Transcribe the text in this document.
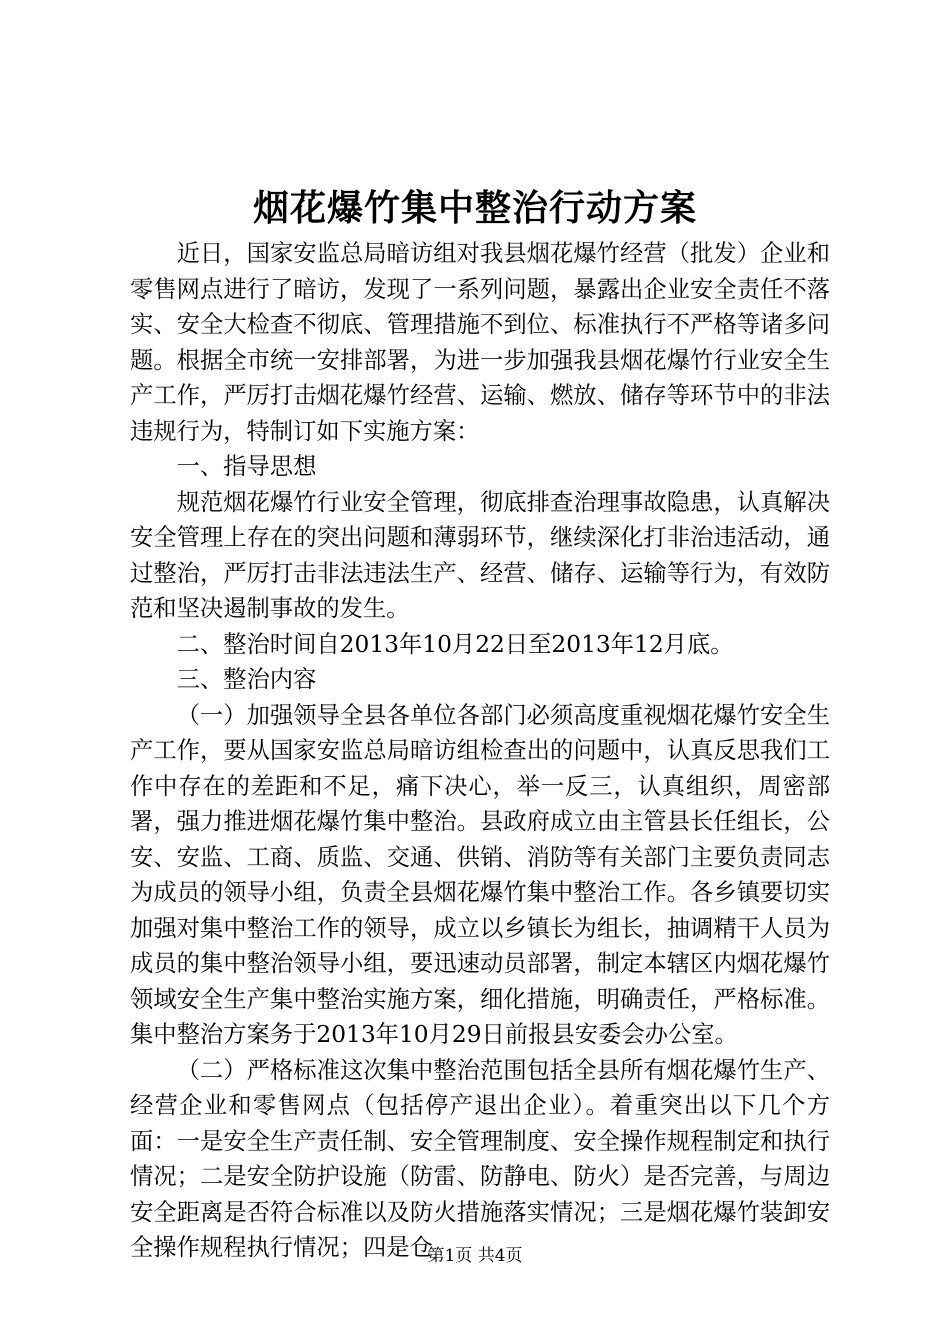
烟花爆竹集中整治行动方案

近日，国家安监总局暗访组对我县烟花爆竹经营（批发）企业和零售网点进行了暗访，发现了一系列问题，暴露出企业安全责任不落实、安全大检查不彻底、管理措施不到位、标准执行不严格等诸多问题。根据全市统一安排部署，为进一步加强我县烟花爆竹行业安全生产工作，严厉打击烟花爆竹经营、运输、燃放、储存等环节中的非法违规行为，特制订如下实施方案：

一、指导思想

规范烟花爆竹行业安全管理，彻底排查治理事故隐患，认真解决安全管理上存在的突出问题和薄弱环节，继续深化打非治违活动，通过整治，严厉打击非法违法生产、经营、储存、运输等行为，有效防范和坚决遏制事故的发生。

二、整治时间自2013年10月22日至2013年12月底。

三、整治内容

（一）加强领导全县各单位各部门必须高度重视烟花爆竹安全生产工作，要从国家安监总局暗访组检查出的问题中，认真反思我们工作中存在的差距和不足，痛下决心，举一反三，认真组织，周密部署，强力推进烟花爆竹集中整治。县政府成立由主管县长任组长，公安、安监、工商、质监、交通、供销、消防等有关部门主要负责同志为成员的领导小组，负责全县烟花爆竹集中整治工作。各乡镇要切实加强对集中整治工作的领导，成立以乡镇长为组长，抽调精干人员为成员的集中整治领导小组，要迅速动员部署，制定本辖区内烟花爆竹领域安全生产集中整治实施方案，细化措施，明确责任，严格标准。集中整治方案务于2013年10月29日前报县安委会办公室。

（二）严格标准这次集中整治范围包括全县所有烟花爆竹生产、经营企业和零售网点（包括停产退出企业）。着重突出以下几个方面：一是安全生产责任制、安全管理制度、安全操作规程制定和执行情况；二是安全防护设施（防雷、防静电、防火）是否完善，与周边安全距离是否符合标准以及防火措施落实情况；三是烟花爆竹装卸安全操作规程执行情况；四是仓

第1页 共4页
